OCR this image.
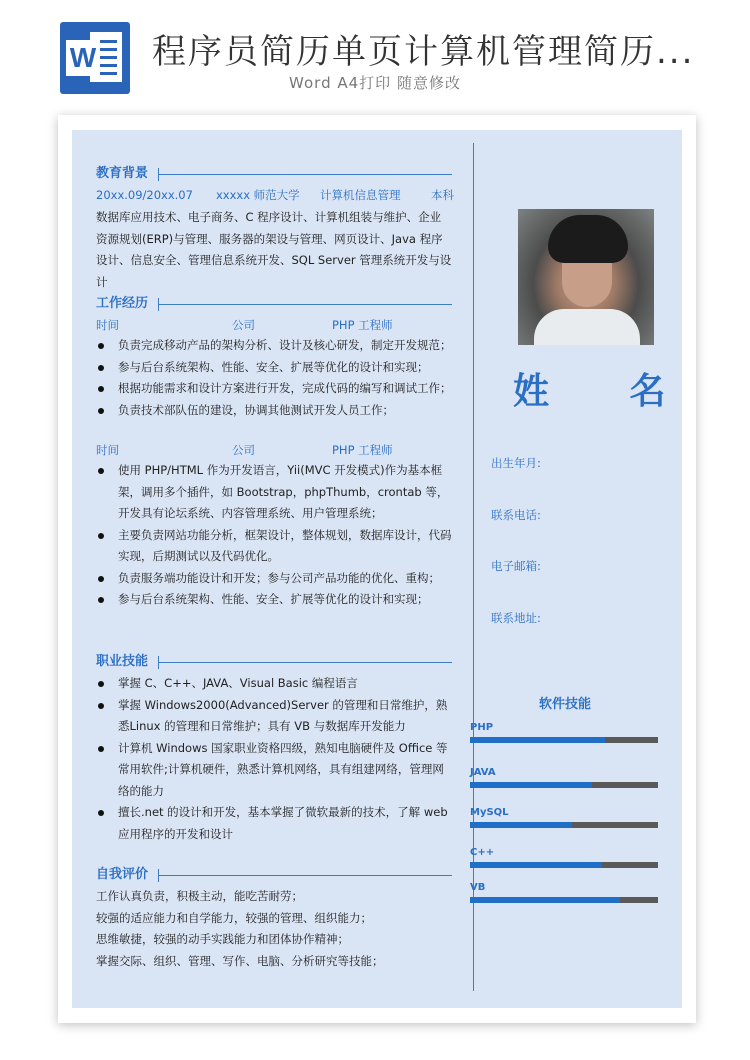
W 程序员简历单页计算机管理简历...
Word A4打印 随意修改
教育背景
20xx.09/20xx.07 xxxxx 师范大学 计算机信息管理	本科
数据库应用技术、电子商务、C 程序设计、计算机组装与维护、企业资源规划(ERP)与管理、服务器的架设与管理、网页设计、Java 程序设计、信息安全、管理信息系统开发、SQL Server 管理系统开发与设计
工作经历
时间	公司	PHP 工程师
负责完成移动产品的架构分析、设计及核心研发，制定开发规范；
参与后台系统架构、性能、安全、扩展等优化的设计和实现；
根据功能需求和设计方案进行开发，完成代码的编写和调试工作；
负责技术部队伍的建设，协调其他测试开发人员工作；
时间	公司	PHP 工程师
使用 PHP/HTML 作为开发语言，Yii(MVC 开发模式)作为基本框架，调用多个插件，如 Bootstrap，phpThumb，crontab 等，开发具有论坛系统、内容管理系统、用户管理系统；
主要负责网站功能分析，框架设计，整体规划，数据库设计，代码实现，后期测试以及代码优化。
负责服务端功能设计和开发；参与公司产品功能的优化、重构；
参与后台系统架构、性能、安全、扩展等优化的设计和实现；
职业技能
掌握 C、C++、JAVA、Visual Basic 编程语言
掌握 Windows2000(Advanced)Server 的管理和日常维护，熟悉Linux 的管理和日常维护；具有 VB 与数据库开发能力
计算机 Windows 国家职业资格四级，熟知电脑硬件及 Office 等常用软件;计算机硬件，熟悉计算机网络，具有组建网络，管理网络的能力
擅长.net 的设计和开发，基本掌握了微软最新的技术，了解 web应用程序的开发和设计
自我评价
工作认真负责，积极主动，能吃苦耐劳；
较强的适应能力和自学能力，较强的管理、组织能力；
思维敏捷，较强的动手实践能力和团体协作精神；
掌握交际、组织、管理、写作、电脑、分析研究等技能；
姓 名
出生年月:
联系电话:
电子邮箱:
联系地址:
软件技能
PHP
JAVA
MySQL
C++
VB
